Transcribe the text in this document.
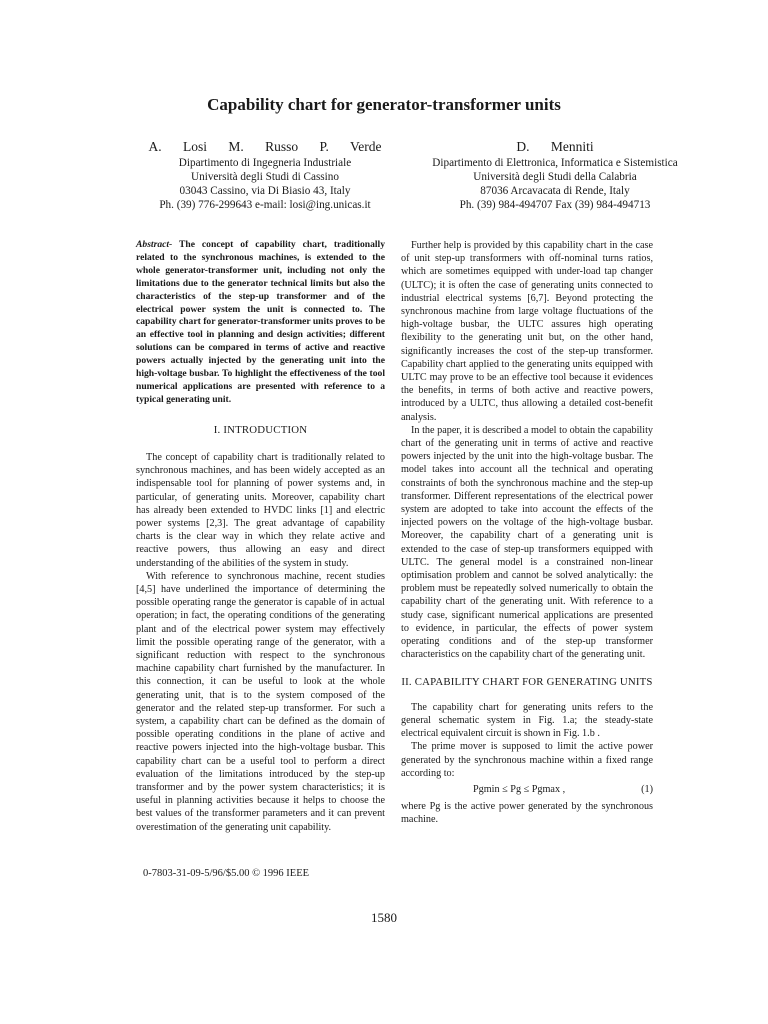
Capability chart for generator-transformer units
A. Losi M. Russo P. Verde
Dipartimento di Ingegneria Industriale
Università degli Studi di Cassino
03043 Cassino, via Di Biasio 43, Italy
Ph. (39) 776-299643 e-mail: losi@ing.unicas.it
D. Menniti
Dipartimento di Elettronica, Informatica e Sistemistica
Università degli Studi della Calabria
87036 Arcavacata di Rende, Italy
Ph. (39) 984-494707 Fax (39) 984-494713

Abstract- The concept of capability chart, traditionally related to the synchronous machines, is extended to the whole generator-transformer unit, including not only the limitations due to the generator technical limits but also the characteristics of the step-up transformer and of the electrical power system the unit is connected to. The capability chart for generator-transformer units proves to be an effective tool in planning and design activities; different solutions can be compared in terms of active and reactive powers actually injected by the generating unit into the high-voltage busbar. To highlight the effectiveness of the tool numerical applications are presented with reference to a typical generating unit.

I. INTRODUCTION

The concept of capability chart is traditionally related to synchronous machines, and has been widely accepted as an indispensable tool for planning of power systems and, in particular, of generating units. Moreover, capability chart has already been extended to HVDC links [1] and electric power systems [2,3]. The great advantage of capability charts is the clear way in which they relate active and reactive powers, thus allowing an easy and direct understanding of the abilities of the system in study.

With reference to synchronous machine, recent studies [4,5] have underlined the importance of determining the possible operating range the generator is capable of in actual operation; in fact, the operating conditions of the generating plant and of the electrical power system may effectively limit the possible operating range of the generator, with a significant reduction with respect to the synchronous machine capability chart furnished by the manufacturer. In this connection, it can be useful to look at the whole generating unit, that is to the system composed of the generator and the related step-up transformer. For such a system, a capability chart can be defined as the domain of possible operating conditions in the plane of active and reactive powers injected into the high-voltage busbar. This capability chart can be a useful tool to perform a direct evaluation of the limitations introduced by the step-up transformer and by the power system characteristics; it is useful in planning activities because it helps to choose the best values of the transformer parameters and it can prevent overestimation of the generating unit capability.

Further help is provided by this capability chart in the case of unit step-up transformers with off-nominal turns ratios, which are sometimes equipped with under-load tap changer (ULTC); it is often the case of generating units connected to industrial electrical systems [6,7]. Beyond protecting the synchronous machine from large voltage fluctuations of the high-voltage busbar, the ULTC assures high operating flexibility to the generating unit but, on the other hand, significantly increases the cost of the step-up transformer. Capability chart applied to the generating units equipped with ULTC may prove to be an effective tool because it evidences the benefits, in terms of both active and reactive powers, introduced by a ULTC, thus allowing a detailed cost-benefit analysis.

In the paper, it is described a model to obtain the capability chart of the generating unit in terms of active and reactive powers injected by the unit into the high-voltage busbar. The model takes into account all the technical and operating constraints of both the synchronous machine and the step-up transformer. Different representations of the electrical power system are adopted to take into account the effects of the injected powers on the voltage of the high-voltage busbar. Moreover, the capability chart of a generating unit is extended to the case of step-up transformers equipped with ULTC. The general model is a constrained non-linear optimisation problem and cannot be solved analytically: the problem must be repeatedly solved numerically to obtain the capability chart of the generating unit. With reference to a study case, significant numerical applications are presented to evidence, in particular, the effects of power system operating conditions and of the step-up transformer characteristics on the capability chart of the generating unit.

II. CAPABILITY CHART FOR GENERATING UNITS

The capability chart for generating units refers to the general schematic system in Fig. 1.a; the steady-state electrical equivalent circuit is shown in Fig. 1.b .

The prime mover is supposed to limit the active power generated by the synchronous machine within a fixed range according to:

Pgmin ≤ Pg ≤ Pgmax ,	(1)

where Pg is the active power generated by the synchronous machine.

0-7803-31-09-5/96/$5.00 © 1996 IEEE
1580
